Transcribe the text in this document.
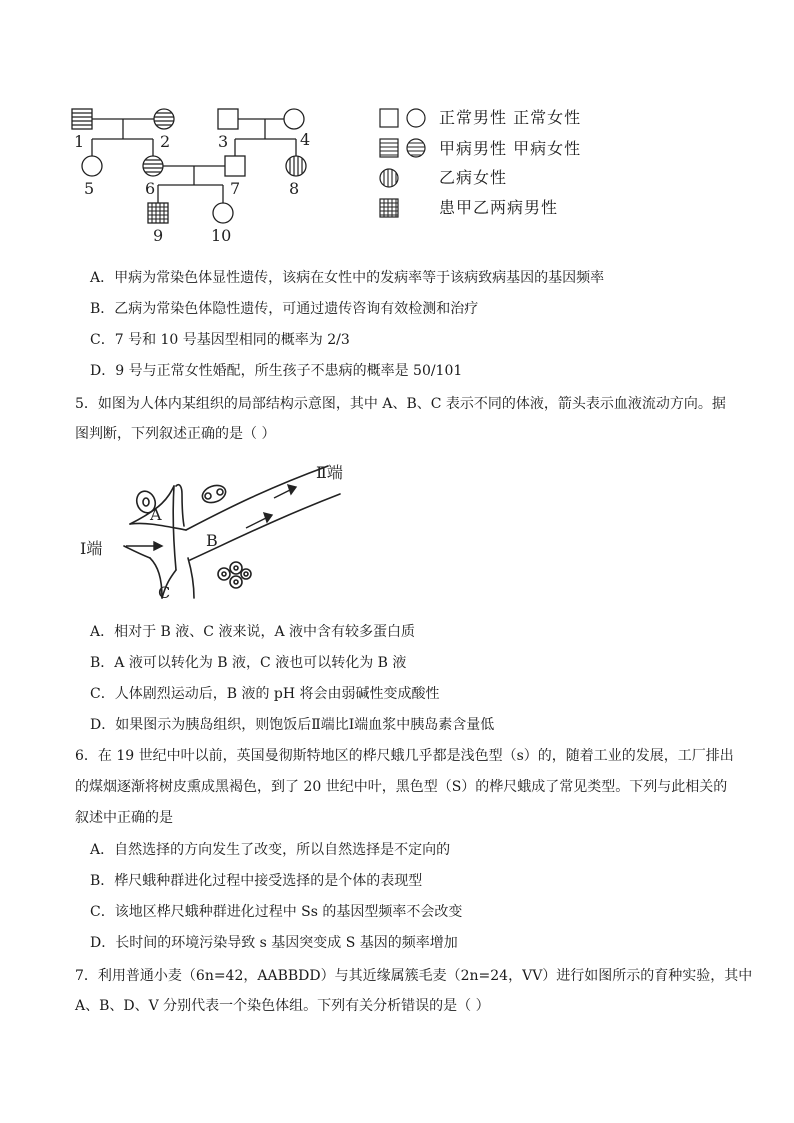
1	2	3	4
5	6	7	8
9	10
正常男性 正常女性
甲病男性 甲病女性
乙病女性
患甲乙两病男性
A．甲病为常染色体显性遗传，该病在女性中的发病率等于该病致病基因的基因频率
B．乙病为常染色体隐性遗传，可通过遗传咨询有效检测和治疗
C．7 号和 10 号基因型相同的概率为 2/3
D．9 号与正常女性婚配，所生孩子不患病的概率是 50/101
5．如图为人体内某组织的局部结构示意图，其中 A、B、C 表示不同的体液，箭头表示血液流动方向。据
图判断，下列叙述正确的是（ ）
Ⅱ端
Ⅰ端
A
B
C
A．相对于 B 液、C 液来说，A 液中含有较多蛋白质
B．A 液可以转化为 B 液，C 液也可以转化为 B 液
C．人体剧烈运动后，B 液的 pH 将会由弱碱性变成酸性
D．如果图示为胰岛组织，则饱饭后Ⅱ端比Ⅰ端血浆中胰岛素含量低
6．在 19 世纪中叶以前，英国曼彻斯特地区的桦尺蛾几乎都是浅色型（s）的，随着工业的发展，工厂排出
的煤烟逐渐将树皮熏成黑褐色，到了 20 世纪中叶，黑色型（S）的桦尺蛾成了常见类型。下列与此相关的
叙述中正确的是
A．自然选择的方向发生了改变，所以自然选择是不定向的
B．桦尺蛾种群进化过程中接受选择的是个体的表现型
C．该地区桦尺蛾种群进化过程中 Ss 的基因型频率不会改变
D．长时间的环境污染导致 s 基因突变成 S 基因的频率增加
7．利用普通小麦（6n=42，AABBDD）与其近缘属簇毛麦（2n=24，VV）进行如图所示的育种实验，其中
A、B、D、V 分别代表一个染色体组。下列有关分析错误的是（ ）
